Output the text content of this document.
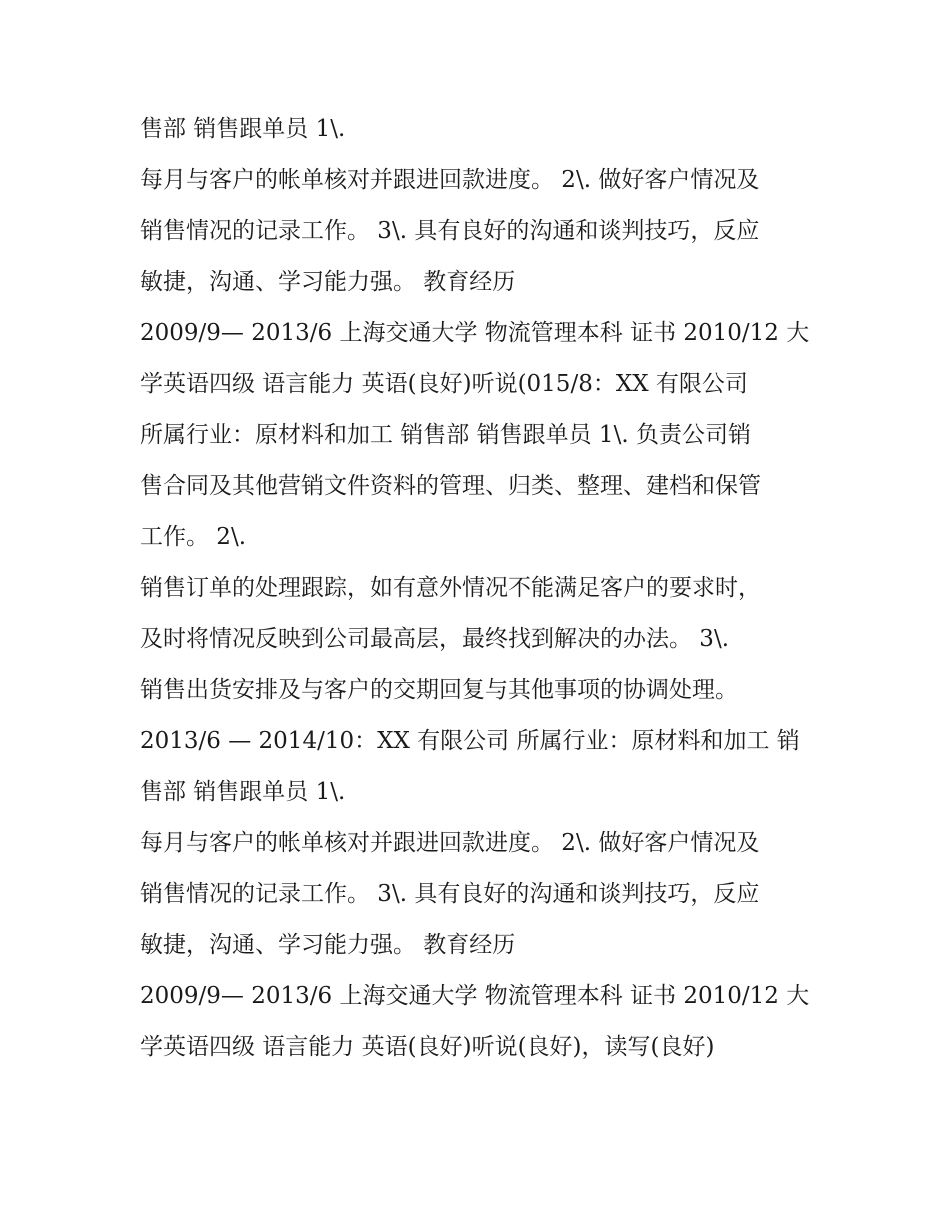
售部 销售跟单员 1\.
每月与客户的帐单核对并跟进回款进度。 2\. 做好客户情况及
销售情况的记录工作。 3\. 具有良好的沟通和谈判技巧，反应
敏捷，沟通、学习能力强。 教育经历
2009/9— 2013/6 上海交通大学 物流管理本科 证书 2010/12 大
学英语四级 语言能力 英语(良好)听说(015/8：XX 有限公司
所属行业：原材料和加工 销售部 销售跟单员 1\. 负责公司销
售合同及其他营销文件资料的管理、归类、整理、建档和保管
工作。 2\.
销售订单的处理跟踪，如有意外情况不能满足客户的要求时，
及时将情况反映到公司最高层，最终找到解决的办法。 3\.
销售出货安排及与客户的交期回复与其他事项的协调处理。
2013/6 — 2014/10：XX 有限公司 所属行业：原材料和加工 销
售部 销售跟单员 1\.
每月与客户的帐单核对并跟进回款进度。 2\. 做好客户情况及
销售情况的记录工作。 3\. 具有良好的沟通和谈判技巧，反应
敏捷，沟通、学习能力强。 教育经历
2009/9— 2013/6 上海交通大学 物流管理本科 证书 2010/12 大
学英语四级 语言能力 英语(良好)听说(良好)，读写(良好)
